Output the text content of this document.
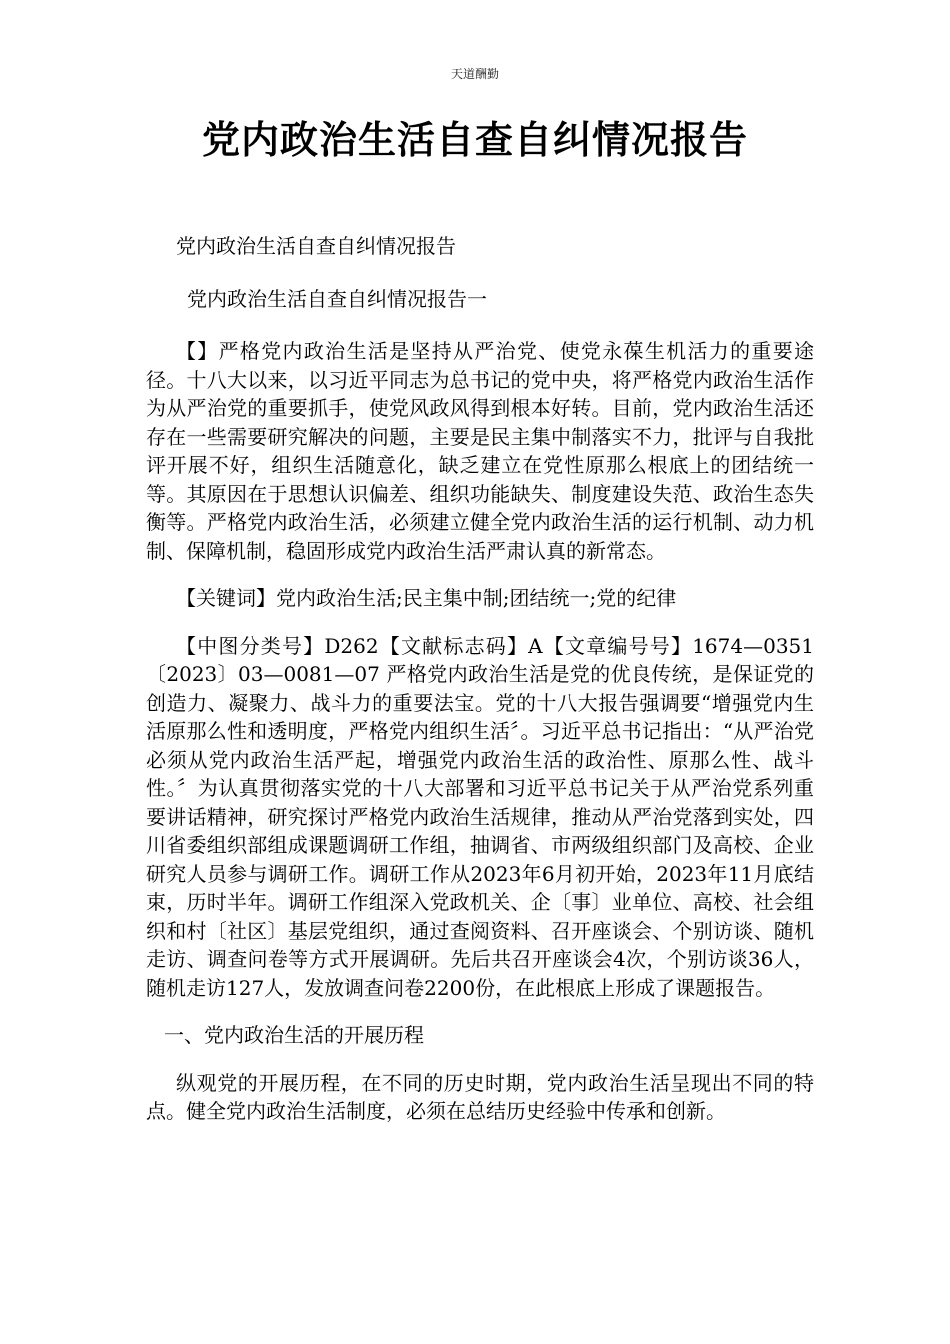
天道酬勤
党内政治生活自查自纠情况报告

党内政治生活自查自纠情况报告

党内政治生活自查自纠情况报告一

【】严格党内政治生活是坚持从严治党、使党永葆生机活力的重要途径。十八大以来，以习近平同志为总书记的党中央，将严格党内政治生活作为从严治党的重要抓手，使党风政风得到根本好转。目前，党内政治生活还存在一些需要研究解决的问题，主要是民主集中制落实不力，批评与自我批评开展不好，组织生活随意化，缺乏建立在党性原那么根底上的团结统一等。其原因在于思想认识偏差、组织功能缺失、制度建设失范、政治生态失衡等。严格党内政治生活，必须建立健全党内政治生活的运行机制、动力机制、保障机制，稳固形成党内政治生活严肃认真的新常态。

【关键词】党内政治生活;民主集中制;团结统一;党的纪律

【中图分类号】D262【文献标志码】A【文章编号号】1674—0351〔2023〕03—0081—07 严格党内政治生活是党的优良传统，是保证党的创造力、凝聚力、战斗力的重要法宝。党的十八大报告强调要“增强党内生活原那么性和透明度，严格党内组织生活〞。习近平总书记指出：“从严治党必须从党内政治生活严起，增强党内政治生活的政治性、原那么性、战斗性。〞为认真贯彻落实党的十八大部署和习近平总书记关于从严治党系列重要讲话精神，研究探讨严格党内政治生活规律，推动从严治党落到实处，四川省委组织部组成课题调研工作组，抽调省、市两级组织部门及高校、企业研究人员参与调研工作。调研工作从2023年6月初开始，2023年11月底结束，历时半年。调研工作组深入党政机关、企〔事〕业单位、高校、社会组织和村〔社区〕基层党组织，通过查阅资料、召开座谈会、个别访谈、随机走访、调查问卷等方式开展调研。先后共召开座谈会4次，个别访谈36人，随机走访127人，发放调查问卷2200份，在此根底上形成了课题报告。

一、党内政治生活的开展历程

纵观党的开展历程，在不同的历史时期，党内政治生活呈现出不同的特点。健全党内政治生活制度，必须在总结历史经验中传承和创新。
